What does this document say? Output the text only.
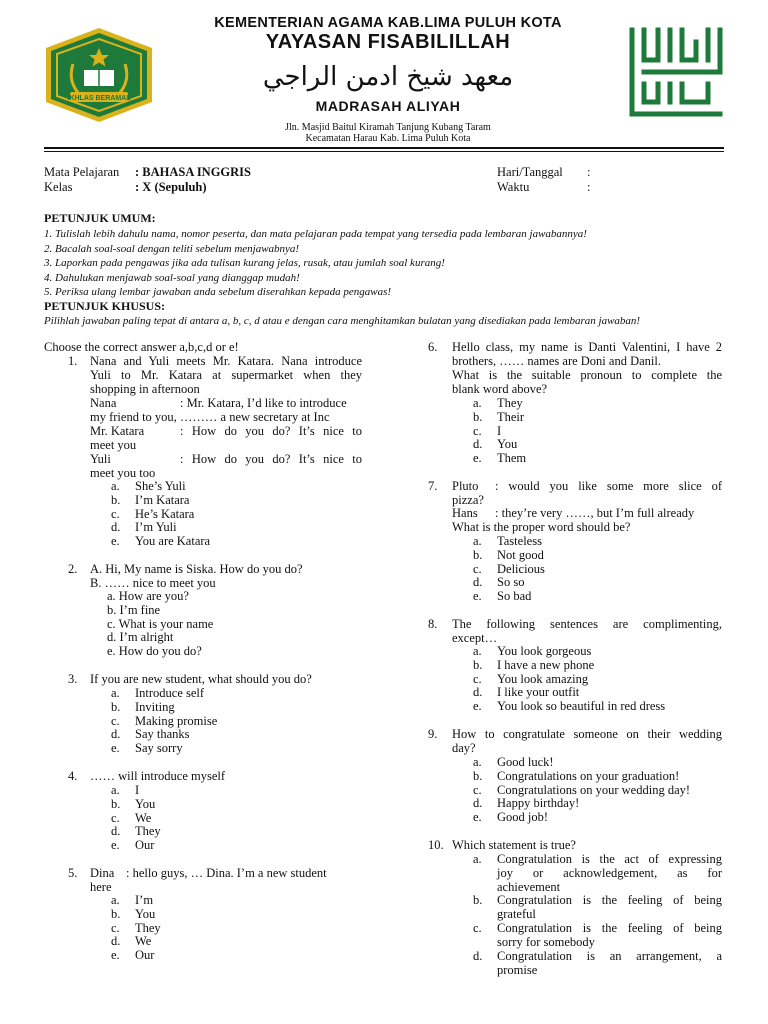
IKHLAS BERAMAL
KEMENTERIAN AGAMA KAB.LIMA PULUH KOTA
YAYASAN FISABILILLAH
معهد شيخ ادمن الراجي
MADRASAH ALIYAH
Jln. Masjid Baitul Kiramah Tanjung Kubang Taram
Kecamatan Harau Kab. Lima Puluh Kota
Mata Pelajaran : BAHASA INGGRIS
Kelas	: X (Sepuluh)
Hari/Tanggal :
Waktu	:
PETUNJUK UMUM:
1. Tulislah lebih dahulu nama, nomor peserta, dan mata pelajaran pada tempat yang tersedia pada lembaran jawabannya!
2. Bacalah soal-soal dengan teliti sebelum menjawabnya!
3. Laporkan pada pengawas jika ada tulisan kurang jelas, rusak, atau jumlah soal kurang!
4. Dahulukan menjawab soal-soal yang dianggap mudah!
5. Periksa ulang lembar jawaban anda sebelum diserahkan kepada pengawas!
PETUNJUK KHUSUS:
Pilihlah jawaban paling tepat di antara a, b, c, d atau e dengan cara menghitamkan bulatan yang disediakan pada lembaran jawaban!
Choose the correct answer a,b,c,d or e!
1. Nana and Yuli meets Mr. Katara. Nana introduce
Yuli to Mr. Katara at supermarket when they
shopping in afternoon
Nana	: Mr. Katara, I’d like to introduce
my friend to you, ……… a new secretary at Inc
Mr. Katara	: How do you do? It’s nice to
meet you
Yuli	: How do you do? It’s nice to
meet you too
a. She’s Yuli
b. I’m Katara
c. He’s Katara
d. I’m Yuli
e. You are Katara
2. A. Hi, My name is Siska. How do you do?
B. …… nice to meet you
a. How are you?
b. I’m fine
c. What is your name
d. I’m alright
e. How do you do?
3. If you are new student, what should you do?
a. Introduce self
b. Inviting
c. Making promise
d. Say thanks
e. Say sorry
4. …… will introduce myself
a. I
b. You
c. We
d. They
e. Our
5. Dina : hello guys, … Dina. I’m a new student
here
a. I’m
b. You
c. They
d. We
e. Our
6. Hello class, my name is Danti Valentini, I have 2
brothers, …… names are Doni and Danil.
What is the suitable pronoun to complete the
blank word above?
a. They
b. Their
c. I
d. You
e. Them
7. Pluto : would you like some more slice of
pizza?
Hans : they’re very ……, but I’m full already
What is the proper word should be?
a. Tasteless
b. Not good
c. Delicious
d. So so
e. So bad
8. The following sentences are complimenting,
except…
a. You look gorgeous
b. I have a new phone
c. You look amazing
d. I like your outfit
e. You look so beautiful in red dress
9. How to congratulate someone on their wedding
day?
a. Good luck!
b. Congratulations on your graduation!
c. Congratulations on your wedding day!
d. Happy birthday!
e. Good job!
10. Which statement is true?
a. Congratulation is the act of expressing
joy or acknowledgement, as for
achievement
b. Congratulation is the feeling of being
grateful
c. Congratulation is the feeling of being
sorry for somebody
d. Congratulation is an arrangement, a
promise
